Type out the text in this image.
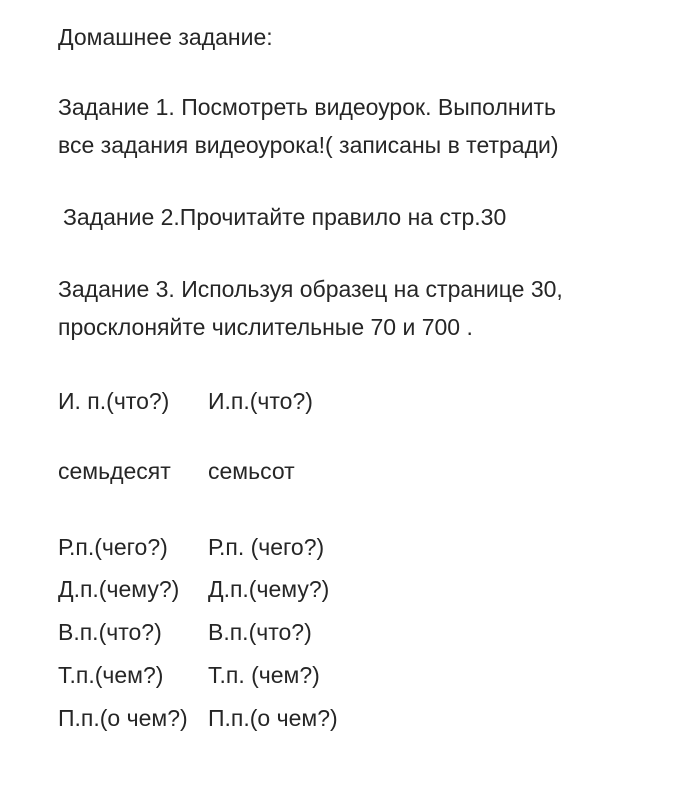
Домашнее задание:

Задание 1. Посмотреть видеоурок. Выполнить

все задания видеоурока!( записаны в тетради)

Задание 2.Прочитайте правило на стр.30

Задание 3. Используя образец на странице 30,

просклоняйте числительные 70 и 700 .

И. п.(что?) И.п.(что?)

семьдесят семьсот

Р.п.(чего?) Р.п. (чего?)

Д.п.(чему?) Д.п.(чему?)

В.п.(что?) В.п.(что?)

Т.п.(чем?) Т.п. (чем?)

П.п.(о чем?) П.п.(о чем?)
